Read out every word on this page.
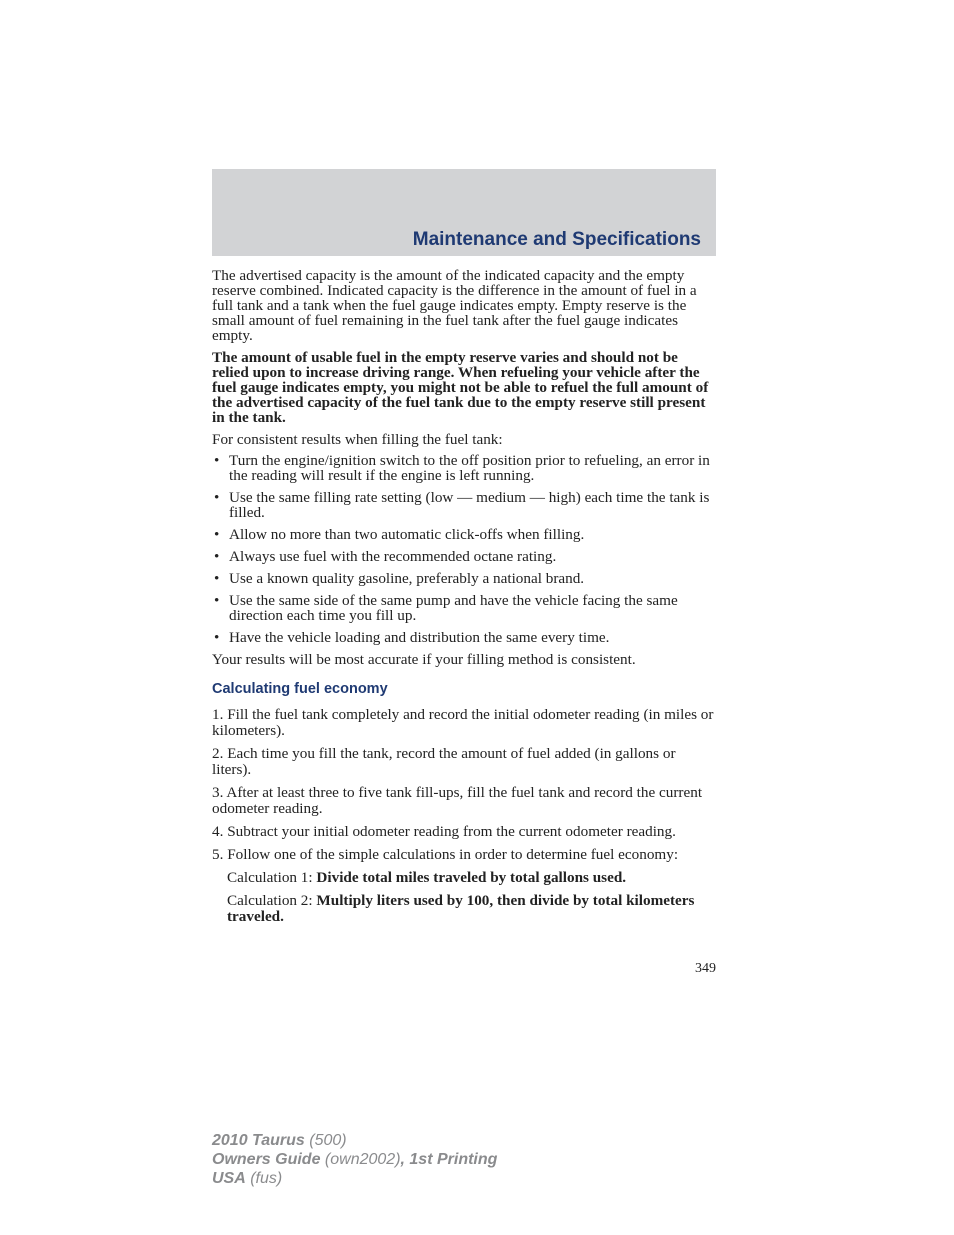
Maintenance and Specifications

The advertised capacity is the amount of the indicated capacity and the empty reserve combined. Indicated capacity is the difference in the amount of fuel in a full tank and a tank when the fuel gauge indicates empty. Empty reserve is the small amount of fuel remaining in the fuel tank after the fuel gauge indicates empty.

The amount of usable fuel in the empty reserve varies and should not be relied upon to increase driving range. When refueling your vehicle after the fuel gauge indicates empty, you might not be able to refuel the full amount of the advertised capacity of the fuel tank due to the empty reserve still present in the tank.

For consistent results when filling the fuel tank:

• Turn the engine/ignition switch to the off position prior to refueling, an error in the reading will result if the engine is left running.
• Use the same filling rate setting (low — medium — high) each time the tank is filled.
• Allow no more than two automatic click-offs when filling.
• Always use fuel with the recommended octane rating.
• Use a known quality gasoline, preferably a national brand.
• Use the same side of the same pump and have the vehicle facing the same direction each time you fill up.
• Have the vehicle loading and distribution the same every time.

Your results will be most accurate if your filling method is consistent.

Calculating fuel economy

1. Fill the fuel tank completely and record the initial odometer reading (in miles or kilometers).

2. Each time you fill the tank, record the amount of fuel added (in gallons or liters).

3. After at least three to five tank fill-ups, fill the fuel tank and record the current odometer reading.

4. Subtract your initial odometer reading from the current odometer reading.

5. Follow one of the simple calculations in order to determine fuel economy:

Calculation 1: Divide total miles traveled by total gallons used.
Calculation 2: Multiply liters used by 100, then divide by total kilometers traveled.
349
2010 Taurus (500)
Owners Guide (own2002), 1st Printing
USA (fus)
